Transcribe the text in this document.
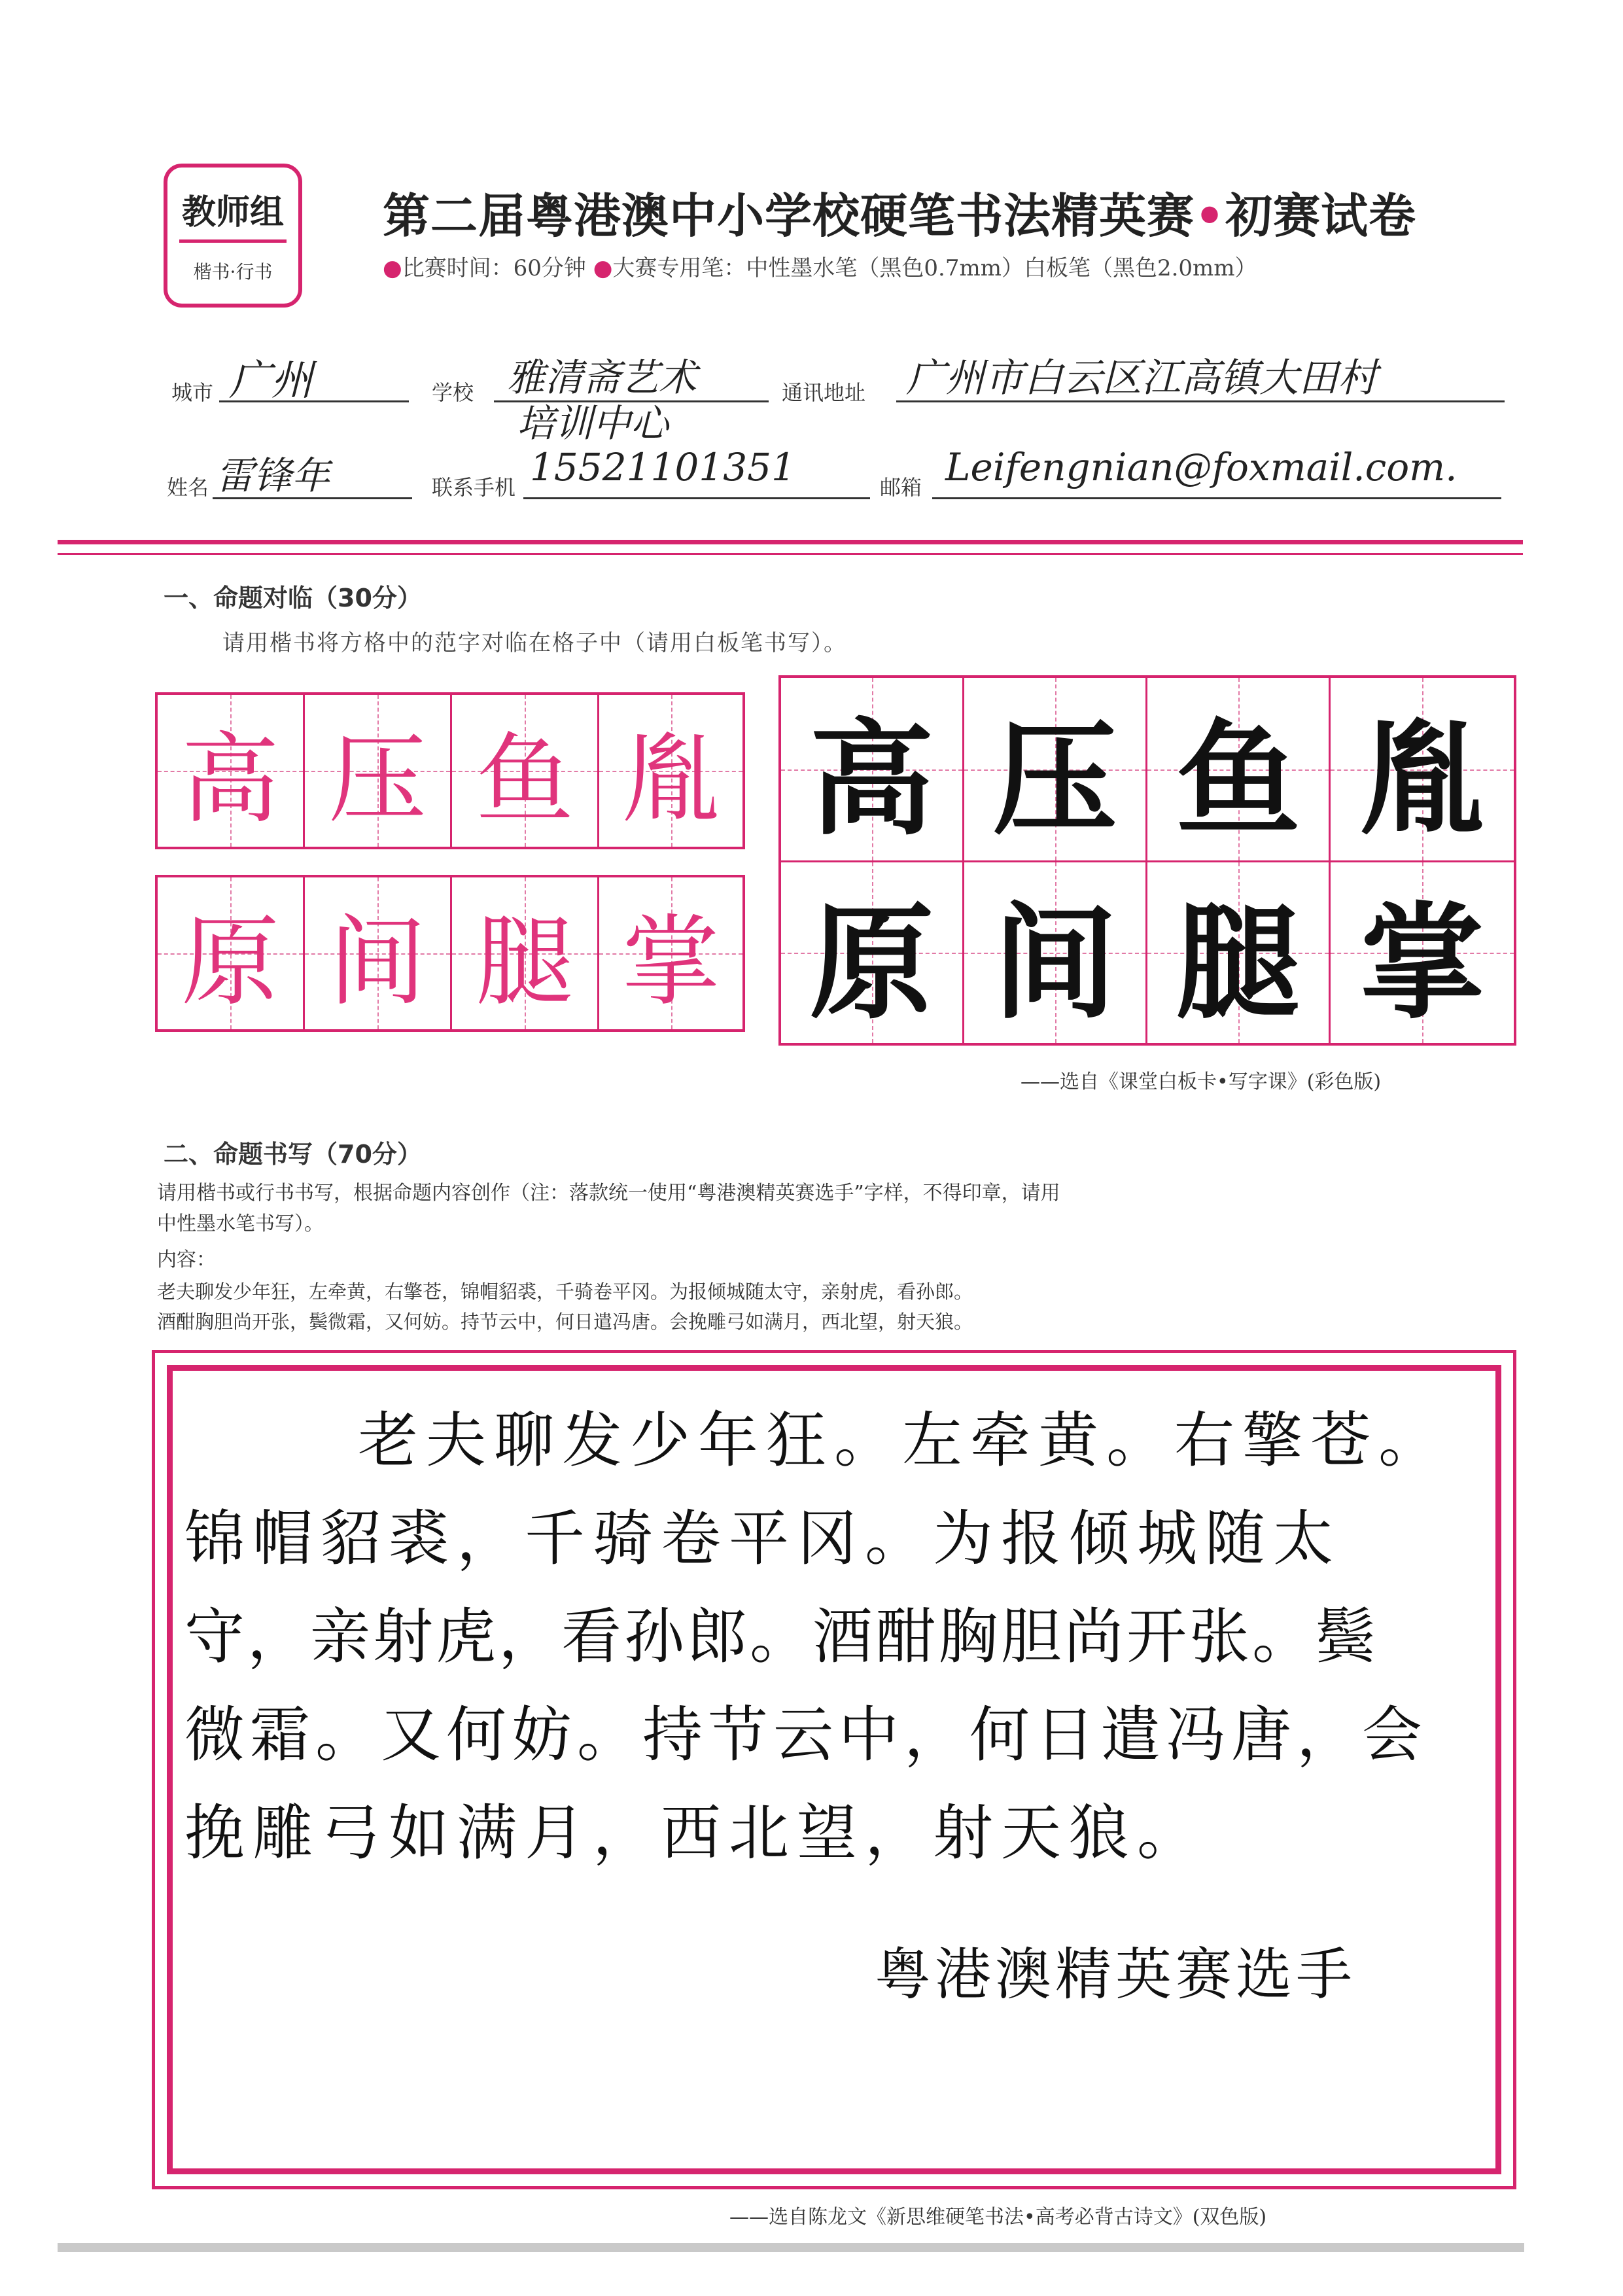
教师组
楷书·行书
第二届粤港澳中小学校硬笔书法精英赛•初赛试卷
●比赛时间：60分钟 ●大赛专用笔：中性墨水笔（黑色0.7mm）白板笔（黑色2.0mm）
城市 广州	学校 雅清斋艺术
培训中心
通讯地址 广州市白云区江高镇大田村
姓名 雷锋年	联系手机 15521101351	邮箱 Leifengnian@foxmail.com.
一、命题对临（30分）
请用楷书将方格中的范字对临在格子中（请用白板笔书写）。
高 压 鱼 胤
原 间 腿 掌
高 压 鱼 胤
原 间 腿 掌
——选自《课堂白板卡•写字课》(彩色版)
二、命题书写（70分）
请用楷书或行书书写，根据命题内容创作（注：落款统一使用“粤港澳精英赛选手”字样，不得印章，请用
中性墨水笔书写）。
内容：
老夫聊发少年狂，左牵黄，右擎苍，锦帽貂裘，千骑卷平冈。为报倾城随太守，亲射虎，看孙郎。
酒酣胸胆尚开张，鬓微霜，又何妨。持节云中，何日遣冯唐。会挽雕弓如满月，西北望，射天狼。
老夫聊发少年狂。左牵黄。右擎苍。
锦帽貂裘，千骑卷平冈。为报倾城随太
守，亲射虎，看孙郎。酒酣胸胆尚开张。鬓
微霜。又何妨。持节云中，何日遣冯唐，会
挽雕弓如满月，西北望，射天狼。
粤港澳精英赛选手
——选自陈龙文《新思维硬笔书法•高考必背古诗文》(双色版)
